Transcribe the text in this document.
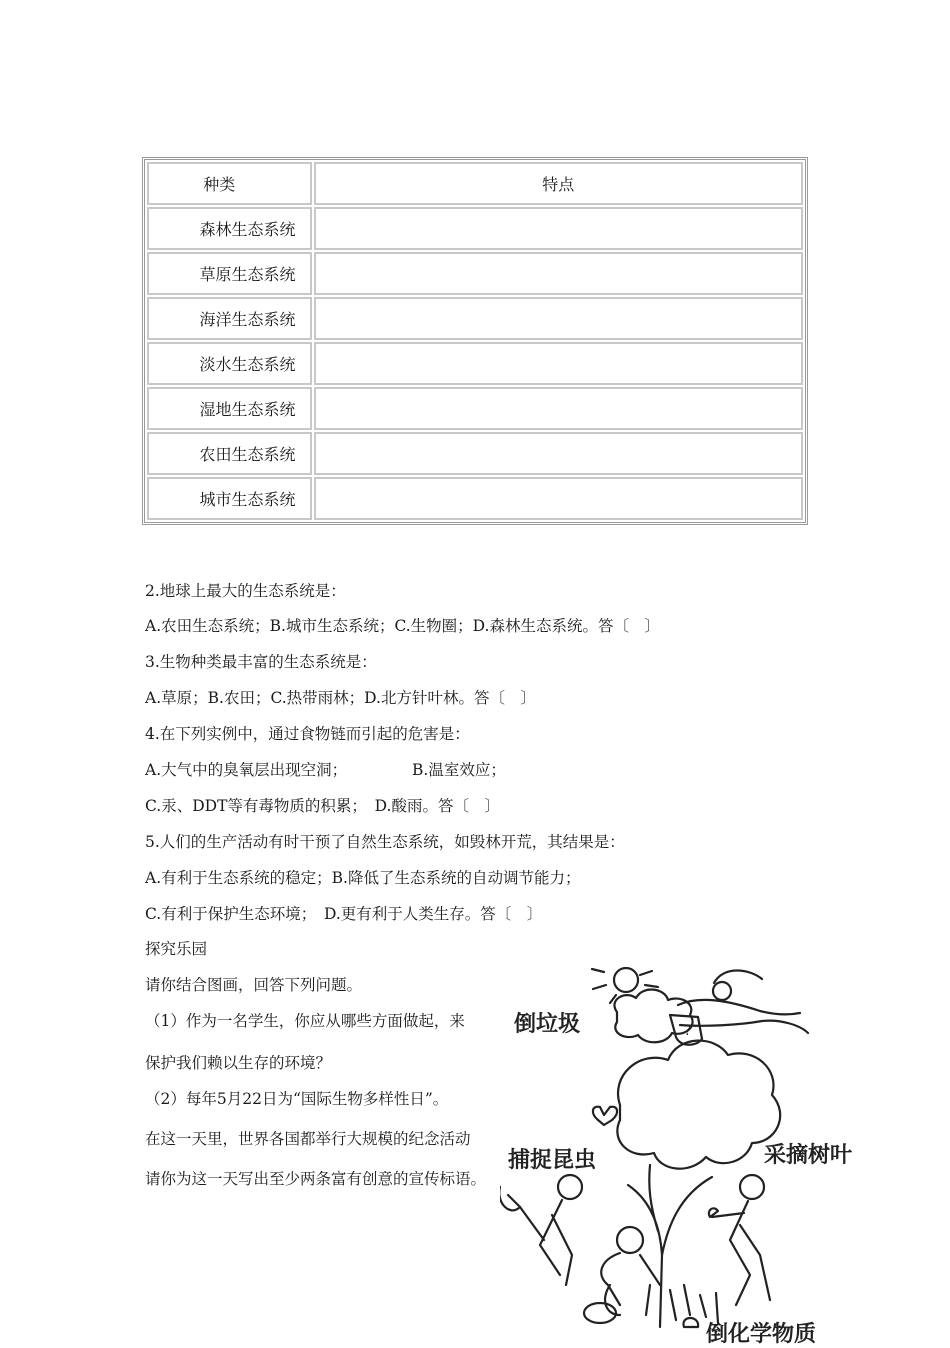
种类	特点
森林生态系统	
草原生态系统	
海洋生态系统	
淡水生态系统	
湿地生态系统	
农田生态系统	
城市生态系统	
2.地球上最大的生态系统是：
A.农田生态系统；B.城市生态系统；C.生物圈；D.森林生态系统。答〔　〕
3.生物种类最丰富的生态系统是：
A.草原；B.农田；C.热带雨林；D.北方针叶林。答〔　〕
4.在下列实例中，通过食物链而引起的危害是：
A.大气中的臭氧层出现空洞；	B.温室效应；
C.汞、DDT等有毒物质的积累；　D.酸雨。答〔　〕
5.人们的生产活动有时干预了自然生态系统，如毁林开荒，其结果是：
A.有利于生态系统的稳定；B.降低了生态系统的自动调节能力；
C.有利于保护生态环境；　D.更有利于人类生存。答〔　〕
探究乐园
请你结合图画，回答下列问题。
（1）作为一名学生，你应从哪些方面做起，来
保护我们赖以生存的环境？
（2）每年5月22日为“国际生物多样性日”。
在这一天里，世界各国都举行大规模的纪念活动
请你为这一天写出至少两条富有创意的宣传标语。
?
倒垃圾
捕捉昆虫	采摘树叶
倒化学物质
